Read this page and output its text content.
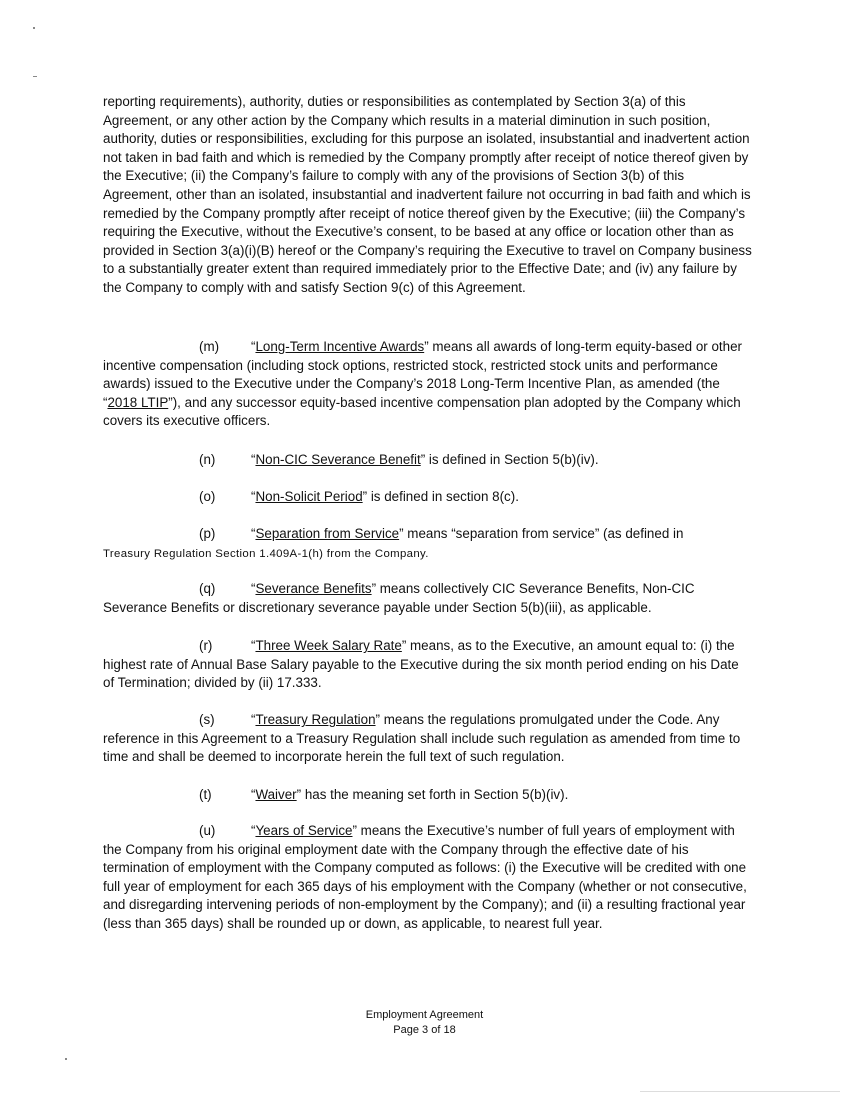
reporting requirements), authority, duties or responsibilities as contemplated by Section 3(a) of this Agreement, or any other action by the Company which results in a material diminution in such position, authority, duties or responsibilities, excluding for this purpose an isolated, insubstantial and inadvertent action not taken in bad faith and which is remedied by the Company promptly after receipt of notice thereof given by the Executive; (ii) the Company’s failure to comply with any of the provisions of Section 3(b) of this Agreement, other than an isolated, insubstantial and inadvertent failure not occurring in bad faith and which is remedied by the Company promptly after receipt of notice thereof given by the Executive; (iii) the Company’s requiring the Executive, without the Executive’s consent, to be based at any office or location other than as provided in Section 3(a)(i)(B) hereof or the Company’s requiring the Executive to travel on Company business to a substantially greater extent than required immediately prior to the Effective Date; and (iv) any failure by the Company to comply with and satisfy Section 9(c) of this Agreement.

(m) “Long-Term Incentive Awards” means all awards of long-term equity-based or other incentive compensation (including stock options, restricted stock, restricted stock units and performance awards) issued to the Executive under the Company’s 2018 Long-Term Incentive Plan, as amended (the “2018 LTIP”), and any successor equity-based incentive compensation plan adopted by the Company which covers its executive officers.

(n)	“Non-CIC Severance Benefit” is defined in Section 5(b)(iv).

(o)	“Non-Solicit Period” is defined in section 8(c).

(p)	“Separation from Service” means “separation from service” (as defined in
Treasury Regulation Section 1.409A-1(h) from the Company.

(q)	“Severance Benefits” means collectively CIC Severance Benefits, Non-CIC Severance Benefits or discretionary severance payable under Section 5(b)(iii), as applicable.

(r)	“Three Week Salary Rate” means, as to the Executive, an amount equal to: (i) the highest rate of Annual Base Salary payable to the Executive during the six month period ending on his Date of Termination; divided by (ii) 17.333.

(s)	“Treasury Regulation” means the regulations promulgated under the Code. Any reference in this Agreement to a Treasury Regulation shall include such regulation as amended from time to time and shall be deemed to incorporate herein the full text of such regulation.

(t)	“Waiver” has the meaning set forth in Section 5(b)(iv).

(u)	“Years of Service” means the Executive’s number of full years of employment with the Company from his original employment date with the Company through the effective date of his termination of employment with the Company computed as follows: (i) the Executive will be credited with one full year of employment for each 365 days of his employment with the Company (whether or not consecutive, and disregarding intervening periods of non-employment by the Company); and (ii) a resulting fractional year (less than 365 days) shall be rounded up or down, as applicable, to nearest full year.

Employment Agreement
Page 3 of 18
